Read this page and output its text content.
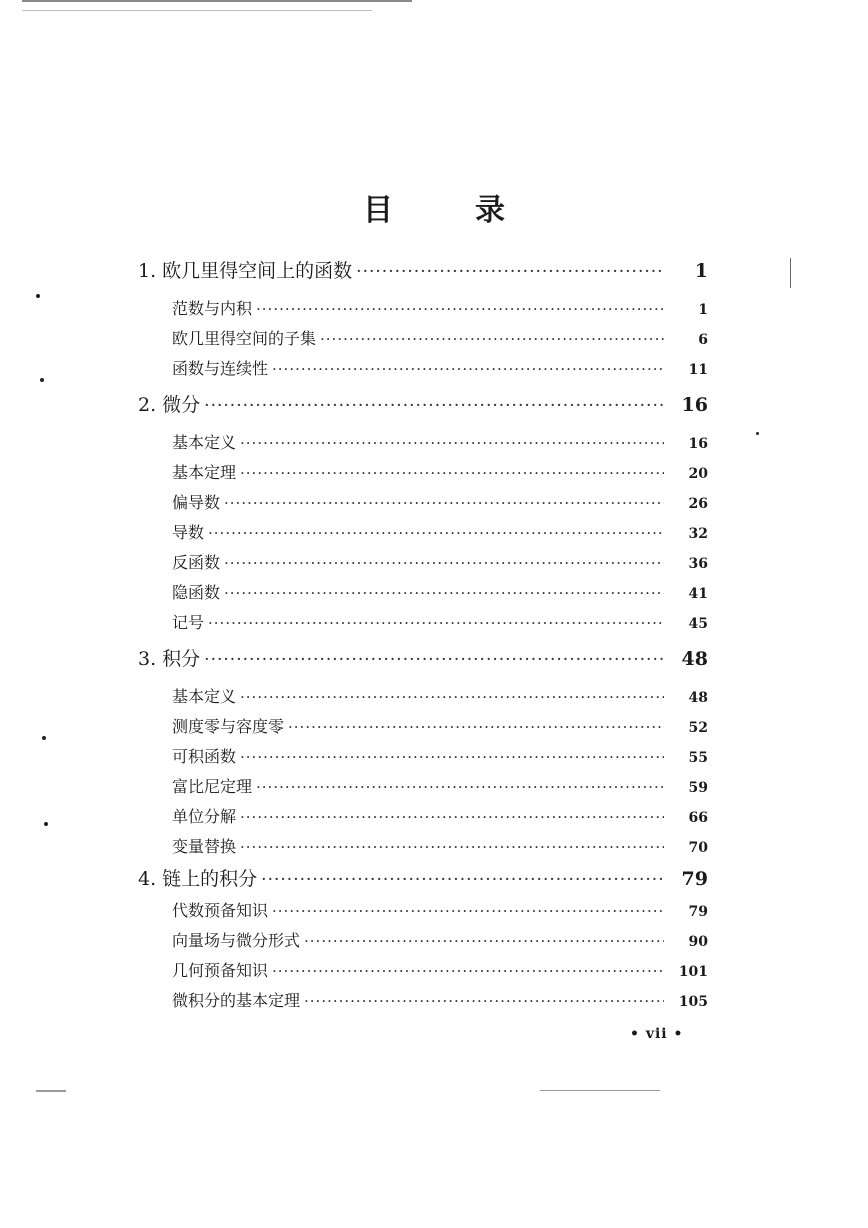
目	录
1. 欧几里得空间上的函数 ·····	1
范数与内积 ·····	1
欧几里得空间的子集 ·····	6
函数与连续性 ·····	11
2. 微分 ·····	16
基本定义 ·····	16
基本定理 ·····	20
偏导数 ·····	26
导数 ·····	32
反函数 ·····	36
隐函数 ·····	41
记号 ·····	45
3. 积分 ·····	48
基本定义 ·····	48
测度零与容度零 ·····	52
可积函数 ·····	55
富比尼定理 ·····	59
单位分解 ·····	66
变量替换 ·····	70
4. 链上的积分 ·····	79
代数预备知识 ·····	79
向量场与微分形式 ·····	90
几何预备知识 ·····	101
微积分的基本定理 ·····	105
• vii •
